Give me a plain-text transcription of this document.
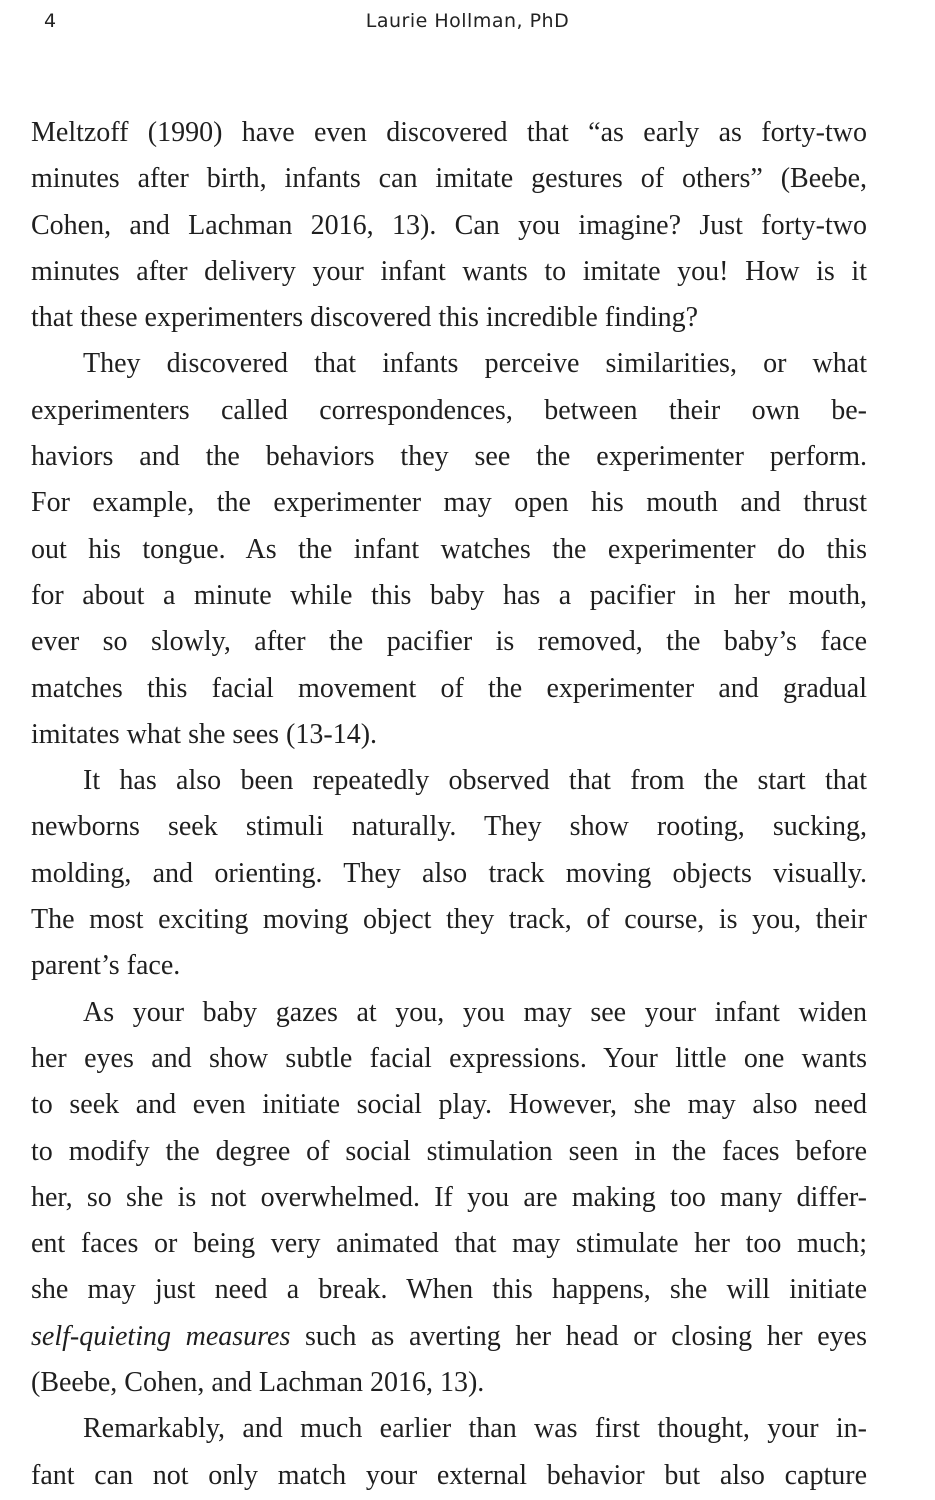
4	Laurie Hollman, PhD

Meltzoff (1990) have even discovered that “as early as forty-two
minutes after birth, infants can imitate gestures of others” (Beebe,
Cohen, and Lachman 2016, 13). Can you imagine? Just forty-two
minutes after delivery your infant wants to imitate you! How is it
that these experimenters discovered this incredible finding?

They discovered that infants perceive similarities, or what
experimenters called correspondences, between their own be-
haviors and the behaviors they see the experimenter perform.
For example, the experimenter may open his mouth and thrust
out his tongue. As the infant watches the experimenter do this
for about a minute while this baby has a pacifier in her mouth,
ever so slowly, after the pacifier is removed, the baby’s face
matches this facial movement of the experimenter and gradual
imitates what she sees (13-14).

It has also been repeatedly observed that from the start that
newborns seek stimuli naturally. They show rooting, sucking,
molding, and orienting. They also track moving objects visually.
The most exciting moving object they track, of course, is you, their
parent’s face.

As your baby gazes at you, you may see your infant widen
her eyes and show subtle facial expressions. Your little one wants
to seek and even initiate social play. However, she may also need
to modify the degree of social stimulation seen in the faces before
her, so she is not overwhelmed. If you are making too many differ-
ent faces or being very animated that may stimulate her too much;
she may just need a break. When this happens, she will initiate
self-quieting measures such as averting her head or closing her eyes
(Beebe, Cohen, and Lachman 2016, 13).

Remarkably, and much earlier than was first thought, your in-
fant can not only match your external behavior but also capture
